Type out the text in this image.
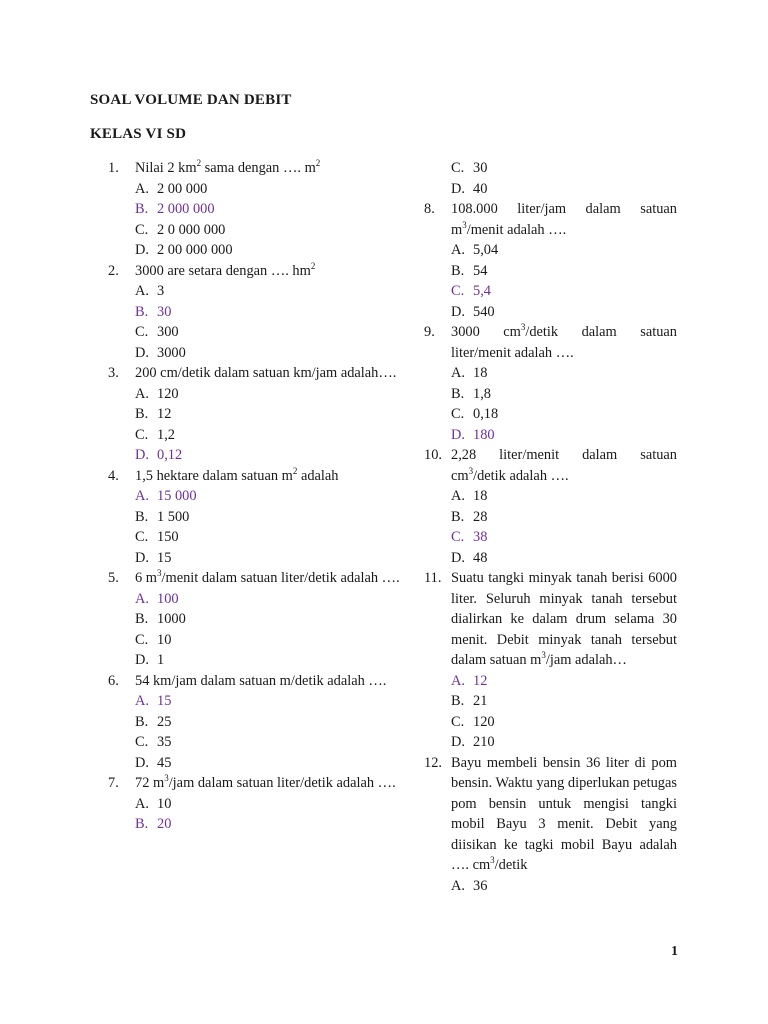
SOAL VOLUME DAN DEBIT
KELAS VI SD
1.	Nilai 2 $km^2$ sama dengan …. $m^2$
A. 2 00 000
B. 2 000 000
C. 2 0 000 000
D. 2 00 000 000
2.	3000 are setara dengan …. $hm^2$
A. 3
B. 30
C. 300
D. 3000
3.	200 cm/detik dalam satuan km/jam adalah….
A. 120
B. 12
C. 1,2
D. 0,12
4.	1,5 hektare dalam satuan $m^2$ adalah
A. 15 000
B. 1 500
C. 150
D. 15
5.	6 $m^3$/menit dalam satuan liter/detik adalah ….
A. 100
B. 1000
C. 10
D. 1
6.	54 km/jam dalam satuan m/detik adalah ….
A. 15
B. 25
C. 35
D. 45
7.	72 $m^3$/jam dalam satuan liter/detik adalah ….
A. 10
B. 20
C. 30
D. 40
8.	108.000 liter/jam dalam satuan $m^3$/menit adalah ….
A. 5,04
B. 54
C. 5,4
D. 540
9.	3000 $cm^3$/detik dalam satuan liter/menit adalah ….
A. 18
B. 1,8
C. 0,18
D. 180
10. 2,28 liter/menit dalam satuan $cm^3$/detik adalah ….
A. 18
B. 28
C. 38
D. 48
11. Suatu tangki minyak tanah berisi 6000 liter. Seluruh minyak tanah tersebut dialirkan ke dalam drum selama 30 menit. Debit minyak tanah tersebut dalam satuan $m^3$/jam adalah…
A. 12
B. 21
C. 120
D. 210
12. Bayu membeli bensin 36 liter di pom bensin. Waktu yang diperlukan petugas pom bensin untuk mengisi tangki mobil Bayu 3 menit. Debit yang diisikan ke tagki mobil Bayu adalah …. $cm^3$/detik
A. 36
1
